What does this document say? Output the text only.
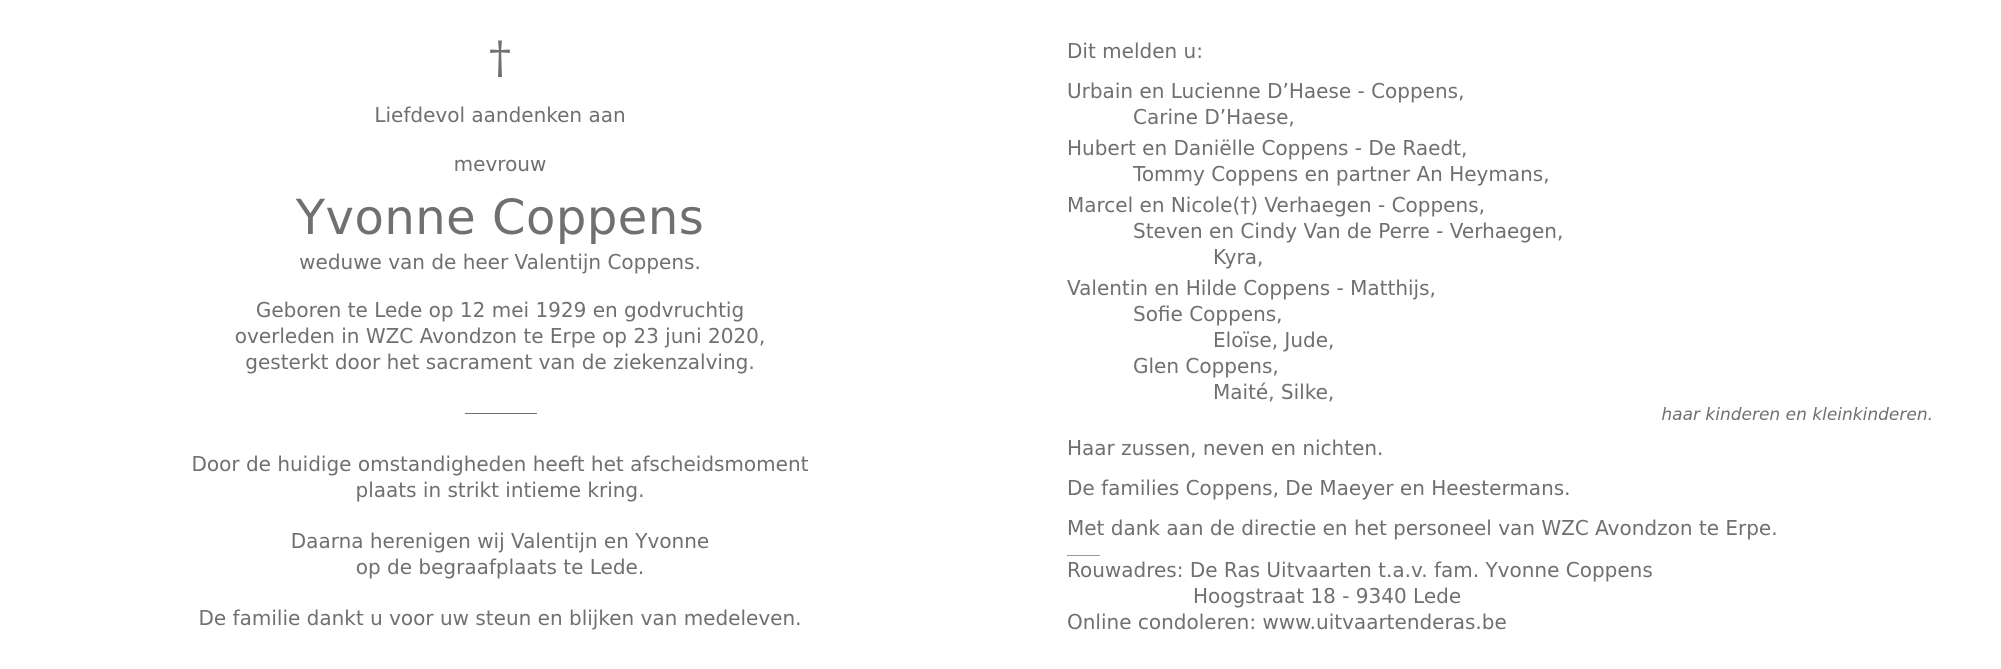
†
Liefdevol aandenken aan
mevrouw
Yvonne Coppens
weduwe van de heer Valentijn Coppens.
Geboren te Lede op 12 mei 1929 en godvruchtig
overleden in WZC Avondzon te Erpe op 23 juni 2020,
gesterkt door het sacrament van de ziekenzalving.
Door de huidige omstandigheden heeft het afscheidsmoment
plaats in strikt intieme kring.
Daarna herenigen wij Valentijn en Yvonne
op de begraafplaats te Lede.
De familie dankt u voor uw steun en blijken van medeleven.
Dit melden u:
Urbain en Lucienne D’Haese - Coppens,
Carine D’Haese,
Hubert en Daniëlle Coppens - De Raedt,
Tommy Coppens en partner An Heymans,
Marcel en Nicole(†) Verhaegen - Coppens,
Steven en Cindy Van de Perre - Verhaegen,
Kyra,
Valentin en Hilde Coppens - Matthijs,
Sofie Coppens,
Eloïse, Jude,
Glen Coppens,
Maité, Silke,
haar kinderen en kleinkinderen.
Haar zussen, neven en nichten.
De families Coppens, De Maeyer en Heestermans.
Met dank aan de directie en het personeel van WZC Avondzon te Erpe.
Rouwadres: De Ras Uitvaarten t.a.v. fam. Yvonne Coppens
Hoogstraat 18 - 9340 Lede
Online condoleren: www.uitvaartenderas.be
